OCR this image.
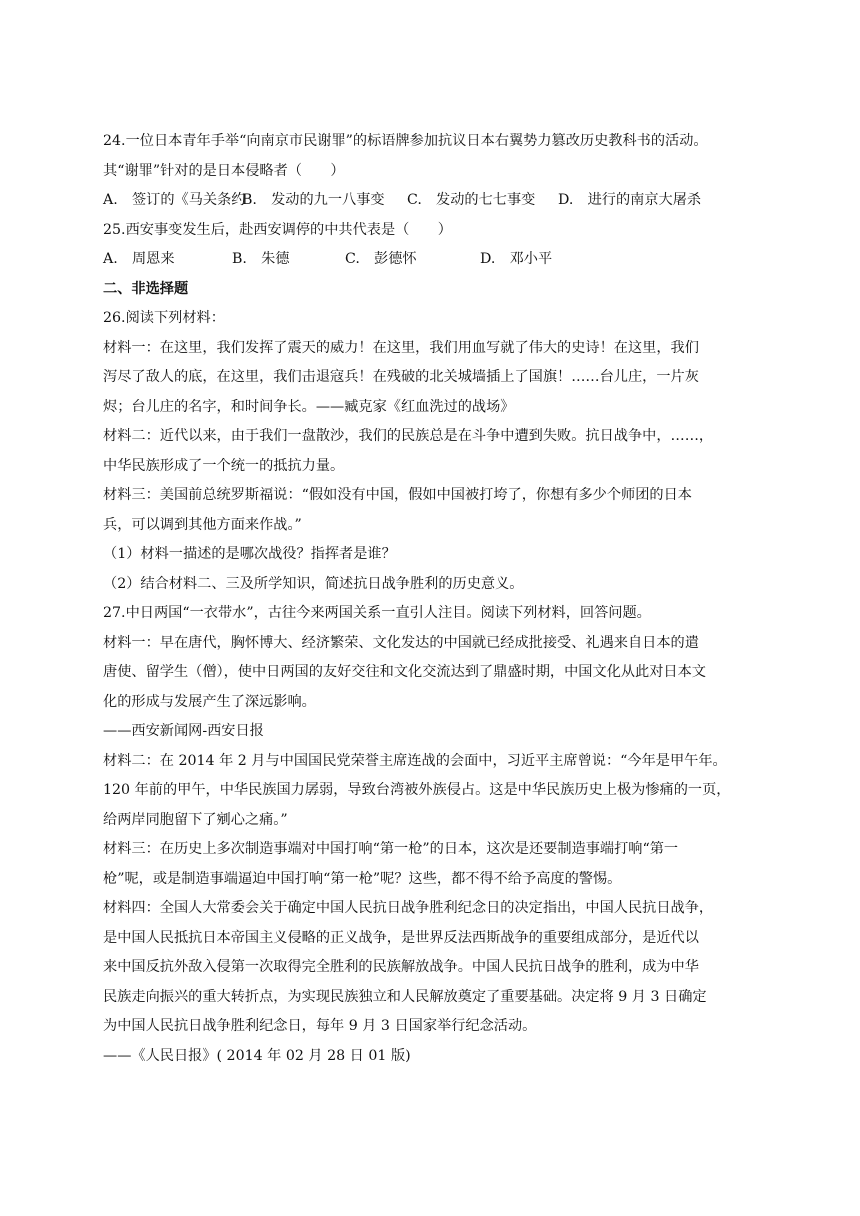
24.一位日本青年手举“向南京市民谢罪”的标语牌参加抗议日本右翼势力篡改历史教科书的活动。
其“谢罪”针对的是日本侵略者（　　）
A.　签订的《马关条约
B.　发动的九一八事变	C.　发动的七七事变	D.　进行的南京大屠杀
25.西安事变发生后，赴西安调停的中共代表是（　　）
A.　周恩来	B.　朱德	C.　彭德怀	D.　邓小平
二、非选择题
26.阅读下列材料：
材料一：在这里，我们发挥了震天的威力！在这里，我们用血写就了伟大的史诗！在这里，我们
泻尽了敌人的底，在这里，我们击退寇兵！在残破的北关城墙插上了国旗！……台儿庄，一片灰
烬；台儿庄的名字，和时间争长。——臧克家《红血洗过的战场》
材料二：近代以来，由于我们一盘散沙，我们的民族总是在斗争中遭到失败。抗日战争中，……，
中华民族形成了一个统一的抵抗力量。
材料三：美国前总统罗斯福说：“假如没有中国，假如中国被打垮了，你想有多少个师团的日本
兵，可以调到其他方面来作战。”
（1）材料一描述的是哪次战役？指挥者是谁？
（2）结合材料二、三及所学知识，简述抗日战争胜利的历史意义。
27.中日两国“一衣带水”，古往今来两国关系一直引人注目。阅读下列材料，回答问题。
材料一：早在唐代，胸怀博大、经济繁荣、文化发达的中国就已经成批接受、礼遇来自日本的遣
唐使、留学生（僧），使中日两国的友好交往和文化交流达到了鼎盛时期，中国文化从此对日本文
化的形成与发展产生了深远影响。
——西安新闻网-西安日报
材料二：在 2014 年 2 月与中国国民党荣誉主席连战的会面中，习近平主席曾说：“今年是甲午年。
120 年前的甲午，中华民族国力孱弱，导致台湾被外族侵占。这是中华民族历史上极为惨痛的一页，
给两岸同胞留下了剜心之痛。”
材料三：在历史上多次制造事端对中国打响“第一枪”的日本，这次是还要制造事端打响“第一
枪”呢，或是制造事端逼迫中国打响“第一枪”呢？这些，都不得不给予高度的警惕。
材料四：全国人大常委会关于确定中国人民抗日战争胜利纪念日的决定指出，中国人民抗日战争，
是中国人民抵抗日本帝国主义侵略的正义战争，是世界反法西斯战争的重要组成部分，是近代以
来中国反抗外敌入侵第一次取得完全胜利的民族解放战争。中国人民抗日战争的胜利，成为中华
民族走向振兴的重大转折点，为实现民族独立和人民解放奠定了重要基础。决定将 9 月 3 日确定
为中国人民抗日战争胜利纪念日，每年 9 月 3 日国家举行纪念活动。
——《人民日报》( 2014 年 02 月 28 日 01 版)
